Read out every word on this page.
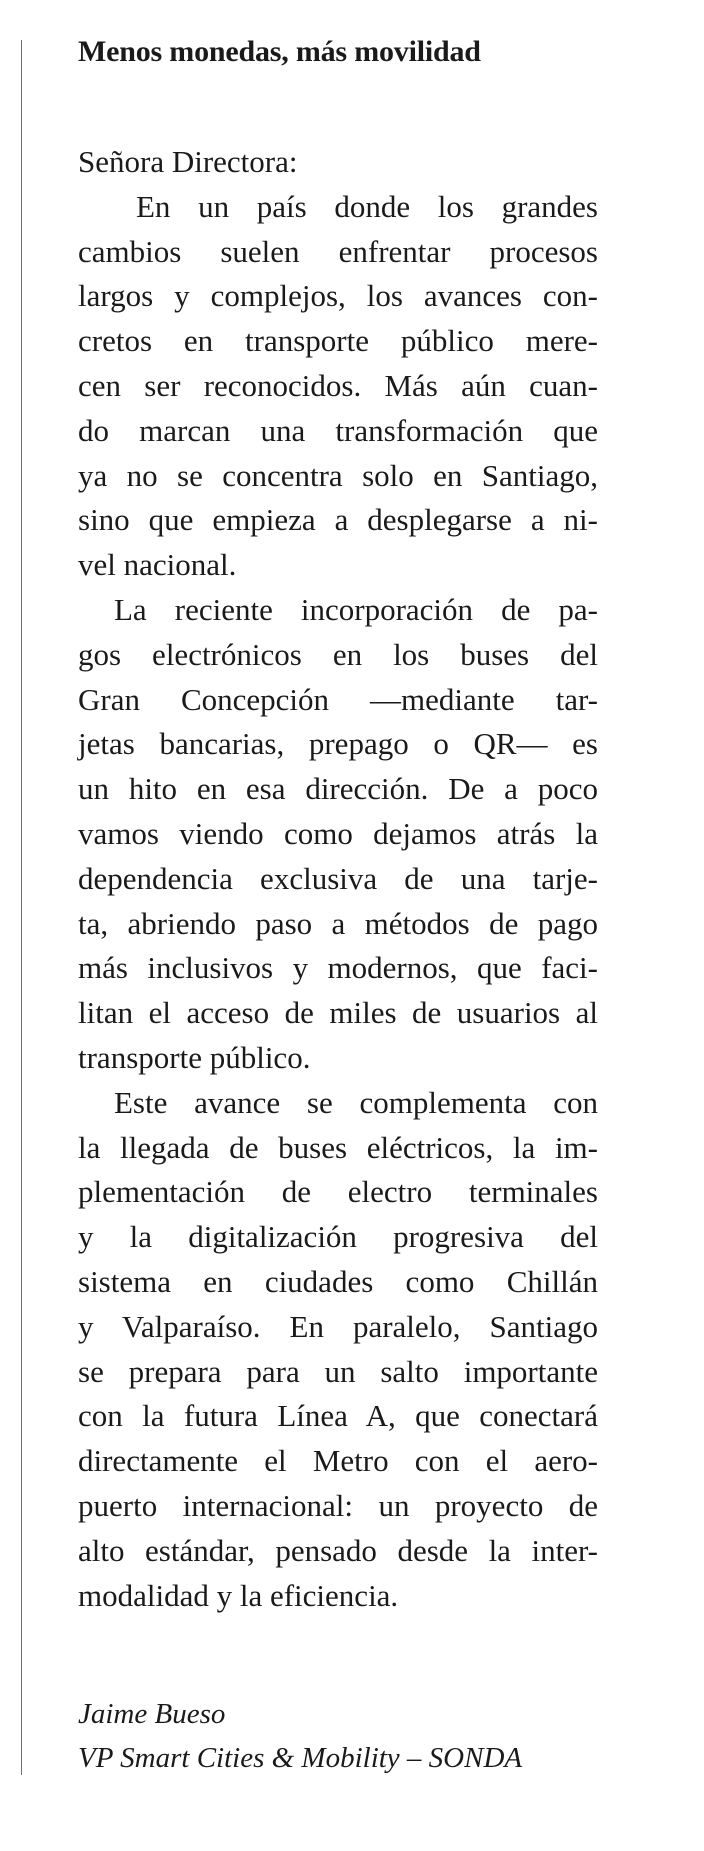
Menos monedas, más movilidad

Señora Directora:

En un país donde los grandes
cambios suelen enfrentar procesos
largos y complejos, los avances con-
cretos en transporte público mere-
cen ser reconocidos. Más aún cuan-
do marcan una transformación que
ya no se concentra solo en Santiago,
sino que empieza a desplegarse a ni-
vel nacional.
La reciente incorporación de pa-
gos electrónicos en los buses del
Gran Concepción —mediante tar-
jetas bancarias, prepago o QR— es
un hito en esa dirección. De a poco
vamos viendo como dejamos atrás la
dependencia exclusiva de una tarje-
ta, abriendo paso a métodos de pago
más inclusivos y modernos, que faci-
litan el acceso de miles de usuarios al
transporte público.
Este avance se complementa con
la llegada de buses eléctricos, la im-
plementación de electro terminales
y la digitalización progresiva del
sistema en ciudades como Chillán
y Valparaíso. En paralelo, Santiago
se prepara para un salto importante
con la futura Línea A, que conectará
directamente el Metro con el aero-
puerto internacional: un proyecto de
alto estándar, pensado desde la inter-
modalidad y la eficiencia.
Jaime Bueso
VP Smart Cities & Mobility – SONDA
